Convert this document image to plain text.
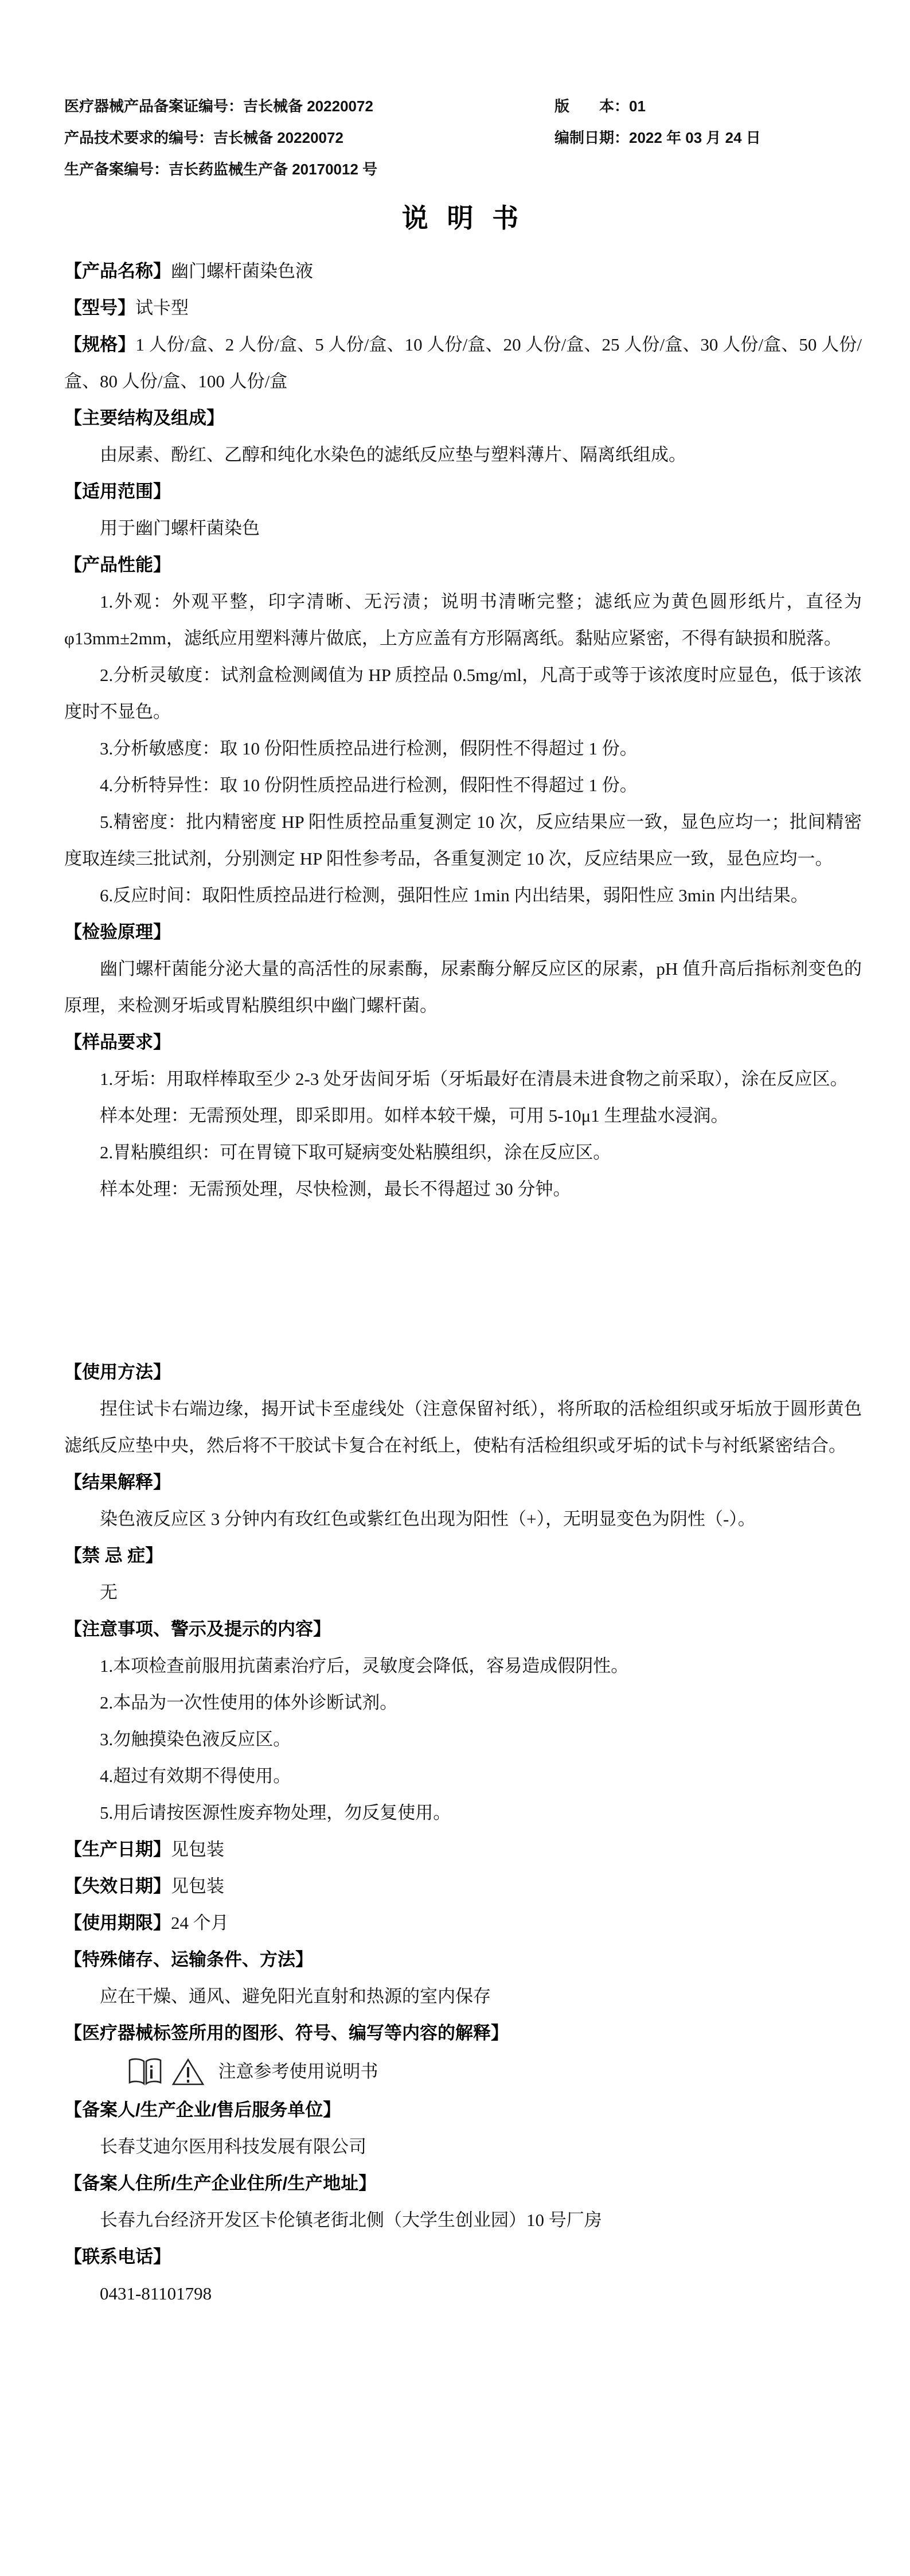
医疗器械产品备案证编号：吉长械备 20220072

产品技术要求的编号：吉长械备 20220072

生产备案编号：吉长药监械生产备 20170012 号

版　　本：01

编制日期：2022 年 03 月 24 日

说 明 书

【产品名称】幽门螺杆菌染色液

【型号】试卡型

【规格】1 人份/盒、2 人份/盒、5 人份/盒、10 人份/盒、20 人份/盒、25 人份/盒、30 人份/盒、50 人份/盒、80 人份/盒、100 人份/盒

【主要结构及组成】

由尿素、酚红、乙醇和纯化水染色的滤纸反应垫与塑料薄片、隔离纸组成。

【适用范围】

用于幽门螺杆菌染色

【产品性能】

1.外观：外观平整，印字清晰、无污渍；说明书清晰完整；滤纸应为黄色圆形纸片，直径为φ13mm±2mm，滤纸应用塑料薄片做底，上方应盖有方形隔离纸。黏贴应紧密，不得有缺损和脱落。

2.分析灵敏度：试剂盒检测阈值为 HP 质控品 0.5mg/ml，凡高于或等于该浓度时应显色，低于该浓度时不显色。

3.分析敏感度：取 10 份阳性质控品进行检测，假阴性不得超过 1 份。

4.分析特异性：取 10 份阴性质控品进行检测，假阳性不得超过 1 份。

5.精密度：批内精密度 HP 阳性质控品重复测定 10 次，反应结果应一致，显色应均一；批间精密度取连续三批试剂，分别测定 HP 阳性参考品，各重复测定 10 次，反应结果应一致，显色应均一。

6.反应时间：取阳性质控品进行检测，强阳性应 1min 内出结果，弱阳性应 3min 内出结果。

【检验原理】

幽门螺杆菌能分泌大量的高活性的尿素酶，尿素酶分解反应区的尿素，pH 值升高后指标剂变色的原理，来检测牙垢或胃粘膜组织中幽门螺杆菌。

【样品要求】

1.牙垢：用取样棒取至少 2-3 处牙齿间牙垢（牙垢最好在清晨未进食物之前采取），涂在反应区。

样本处理：无需预处理，即采即用。如样本较干燥，可用 5-10μ1 生理盐水浸润。

2.胃粘膜组织：可在胃镜下取可疑病变处粘膜组织，涂在反应区。

样本处理：无需预处理，尽快检测，最长不得超过 30 分钟。

【使用方法】

捏住试卡右端边缘，揭开试卡至虚线处（注意保留衬纸），将所取的活检组织或牙垢放于圆形黄色滤纸反应垫中央，然后将不干胶试卡复合在衬纸上，使粘有活检组织或牙垢的试卡与衬纸紧密结合。

【结果解释】

染色液反应区 3 分钟内有玫红色或紫红色出现为阳性（+），无明显变色为阴性（-）。

【禁 忌 症】

无

【注意事项、警示及提示的内容】

1.本项检查前服用抗菌素治疗后，灵敏度会降低，容易造成假阴性。

2.本品为一次性使用的体外诊断试剂。

3.勿触摸染色液反应区。

4.超过有效期不得使用。

5.用后请按医源性废弃物处理，勿反复使用。

【生产日期】见包装

【失效日期】见包装

【使用期限】24 个月

【特殊储存、运输条件、方法】

应在干燥、通风、避免阳光直射和热源的室内保存

【医疗器械标签所用的图形、符号、编写等内容的解释】

注意参考使用说明书

【备案人/生产企业/售后服务单位】

长春艾迪尔医用科技发展有限公司

【备案人住所/生产企业住所/生产地址】

长春九台经济开发区卡伦镇老街北侧（大学生创业园）10 号厂房

【联系电话】

0431-81101798
